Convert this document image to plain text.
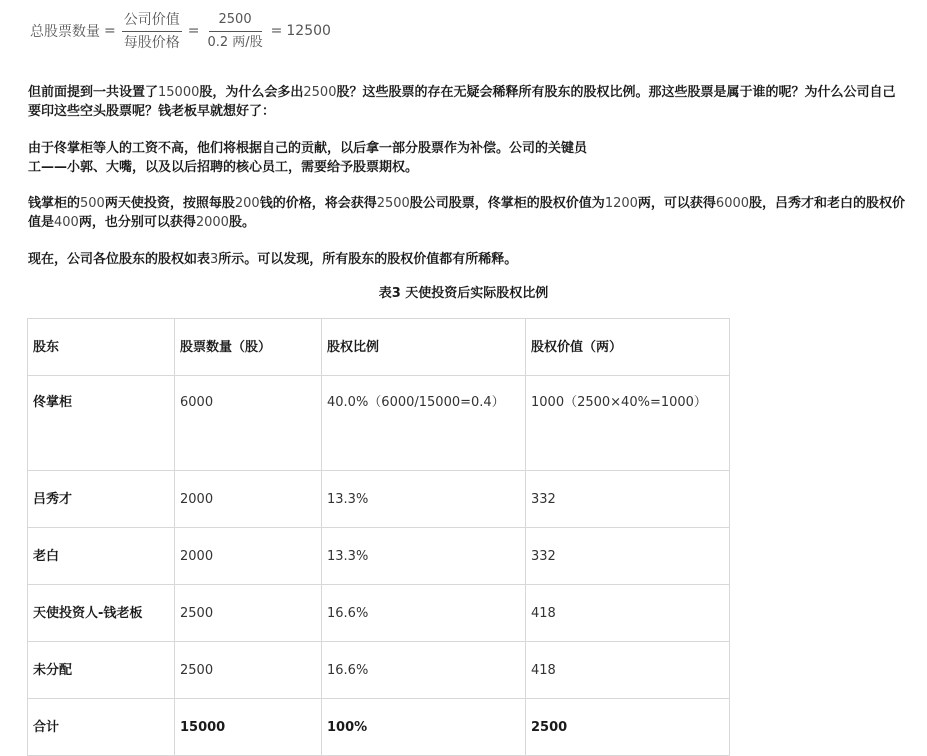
总股票数量 = $\frac{\text{公司价值}}{\text{每股价格}} = \frac{2500}{\text{0.2 两/股}} = 12500$

但前面提到一共设置了15000股，为什么会多出2500股？这些股票的存在无疑会稀释所有股东的股权比例。那这些股票是属于谁的呢？为什么公司自己要印这些空头股票呢？钱老板早就想好了：

由于佟掌柜等人的工资不高，他们将根据自己的贡献，以后拿一部分股票作为补偿。公司的关键员工——小郭、大嘴，以及以后招聘的核心员工，需要给予股票期权。

钱掌柜的500两天使投资，按照每股200钱的价格，将会获得2500股公司股票，佟掌柜的股权价值为1200两，可以获得6000股，吕秀才和老白的股权价值是400两，也分别可以获得2000股。

现在，公司各位股东的股权如表3所示。可以发现，所有股东的股权价值都有所稀释。

表3 天使投资后实际股权比例
股东	股票数量（股）	股权比例	股权价值（两）
佟掌柜	6000	40.0%（6000/15000=0.4）	1000（2500×40%=1000）
吕秀才	2000	13.3%	332
老白	2000	13.3%	332
天使投资人-钱老板	2500	16.6%	418
未分配	2500	16.6%	418
合计	15000	100%	2500
